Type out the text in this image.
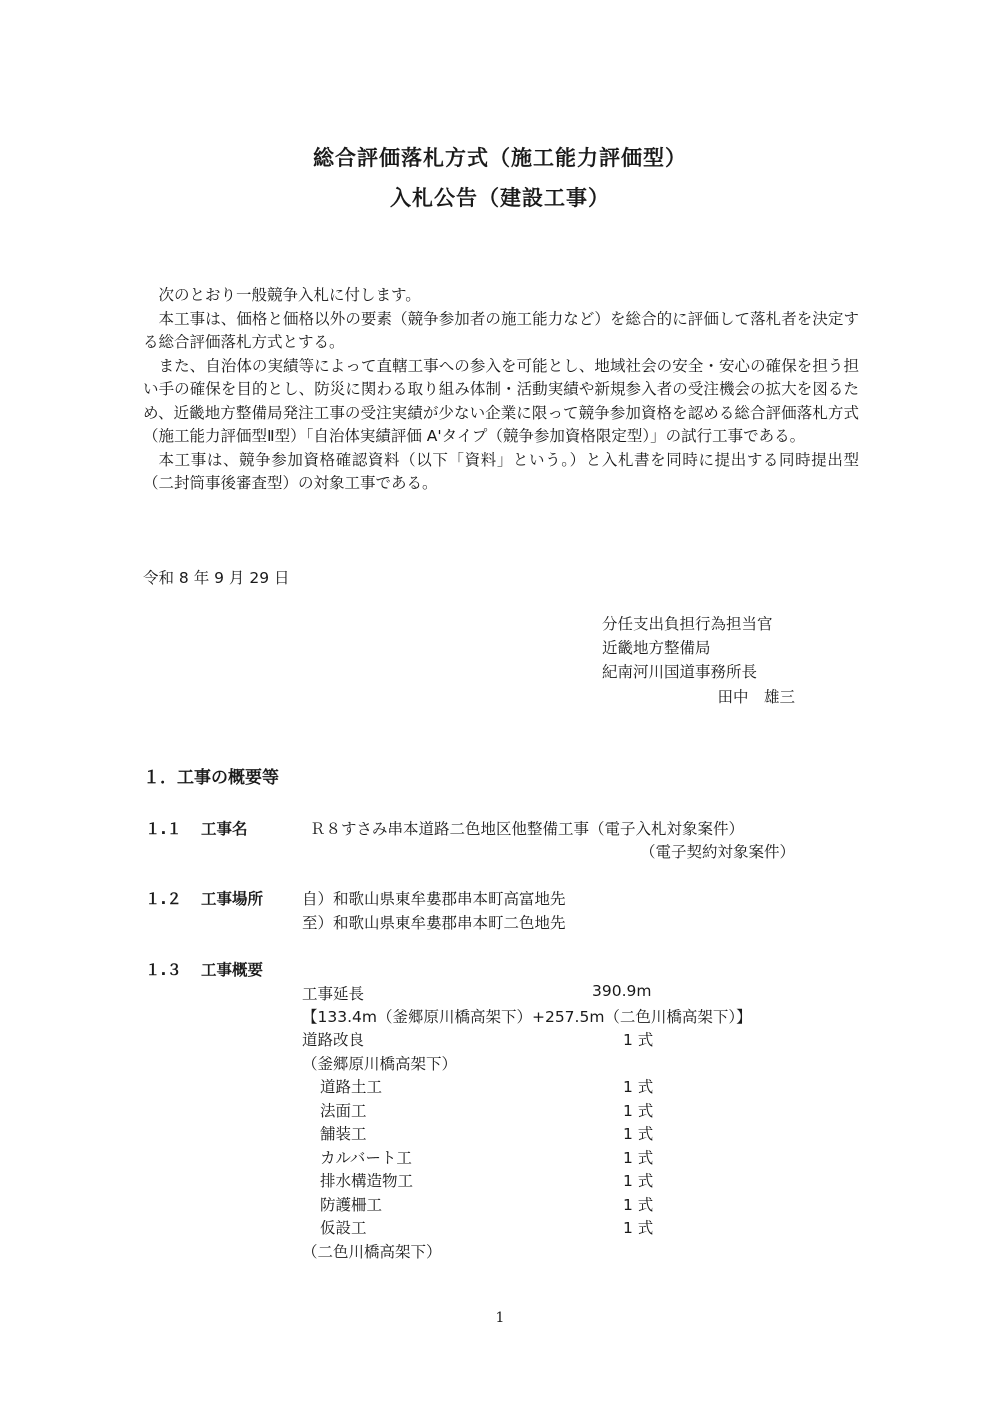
総合評価落札方式（施工能力評価型）
入札公告（建設工事）

次のとおり一般競争入札に付します。

本工事は、価格と価格以外の要素（競争参加者の施工能力など）を総合的に評価して落札者を決定する総合評価落札方式とする。

また、自治体の実績等によって直轄工事への参入を可能とし、地域社会の安全・安心の確保を担う担い手の確保を目的とし、防災に関わる取り組み体制・活動実績や新規参入者の受注機会の拡大を図るため、近畿地方整備局発注工事の受注実績が少ない企業に限って競争参加資格を認める総合評価落札方式（施工能力評価型Ⅱ型）「自治体実績評価 A'タイプ（競争参加資格限定型）」の試行工事である。

本工事は、競争参加資格確認資料（以下「資料」という。）と入札書を同時に提出する同時提出型（二封筒事後審査型）の対象工事である。

令和 8 年 9 月 29 日
分任支出負担行為担当官
近畿地方整備局
紀南河川国道事務所長
田中　雄三
１．工事の概要等
１.１ 工事名	Ｒ８すさみ串本道路二色地区他整備工事（電子入札対象案件）
（電子契約対象案件）
１.２ 工事場所	自）和歌山県東牟婁郡串本町高富地先
至）和歌山県東牟婁郡串本町二色地先
１.３ 工事概要
工事延長	390.9m
【133.4m（釜郷原川橋高架下）+257.5m（二色川橋高架下）】
道路改良	1 式
（釜郷原川橋高架下）
道路土工	1 式
法面工	1 式
舗装工	1 式
カルバート工	1 式
排水構造物工	1 式
防護柵工	1 式
仮設工	1 式
（二色川橋高架下）
1
